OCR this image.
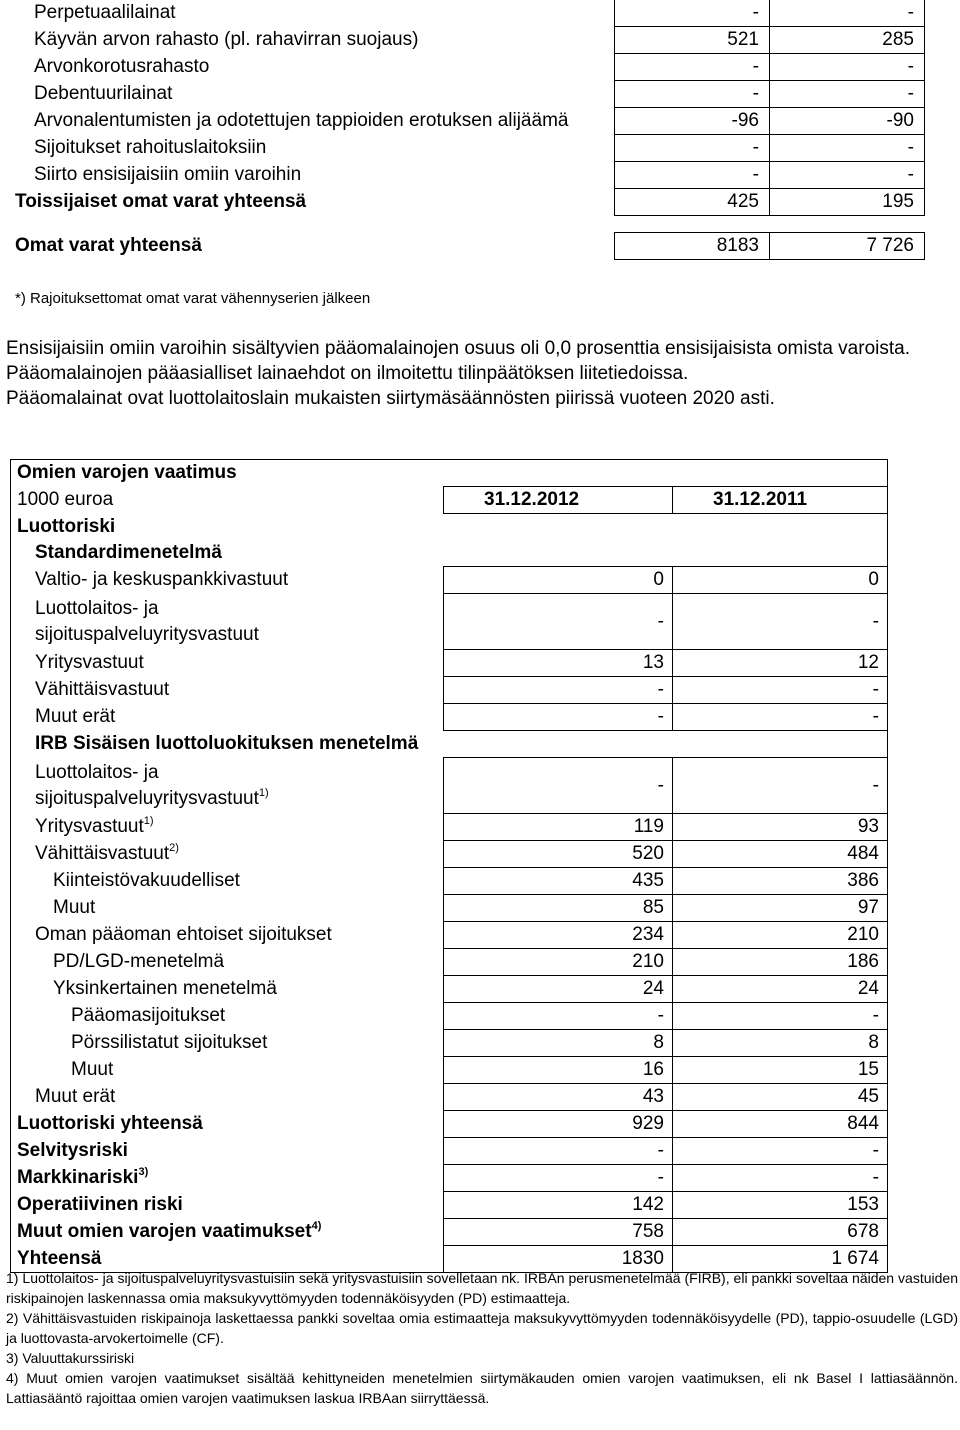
Perpetuaalilainat	-	-
Käyvän arvon rahasto (pl. rahavirran suojaus)	521	285
Arvonkorotusrahasto	-	-
Debentuurilainat	-	-
Arvonalentumisten ja odotettujen tappioiden erotuksen alijäämä	-96	-90
Sijoitukset rahoituslaitoksiin	-	-
Siirto ensisijaisiin omiin varoihin	-	-
Toissijaiset omat varat yhteensä	425	195

Omat varat yhteensä	8183	7 726
*) Rajoituksettomat omat varat vähennyserien jälkeen

Ensisijaisiin omiin varoihin sisältyvien pääomalainojen osuus oli 0,0 prosenttia ensisijaisista omista varoista. Pääomalainojen pääasialliset lainaehdot on ilmoitettu tilinpäätöksen liitetiedoissa.

Pääomalainat ovat luottolaitoslain mukaisten siirtymäsäännösten piirissä vuoteen 2020 asti.

Omien varojen vaatimus		
1000 euroa	31.12.2012	31.12.2011
Luottoriski		
Standardimenetelmä		
Valtio- ja keskuspankkivastuut	0	0
Luottolaitos- ja
sijoituspalveluyritysvastuut	-	-
Yritysvastuut	13	12
Vähittäisvastuut	-	-
Muut erät	-	-
IRB Sisäisen luottoluokituksen menetelmä		
Luottolaitos- ja
sijoituspalveluyritysvastuut$^{1)}$	-	-
Yritysvastuut$^{1)}$	119	93
Vähittäisvastuut$^{2)}$	520	484
Kiinteistövakuudelliset	435	386
Muut	85	97
Oman pääoman ehtoiset sijoitukset	234	210
PD/LGD-menetelmä	210	186
Yksinkertainen menetelmä	24	24
Pääomasijoitukset	-	-
Pörssilistatut sijoitukset	8	8
Muut	16	15
Muut erät	43	45
Luottoriski yhteensä	929	844
Selvitysriski	-	-
Markkinariski$^{3)}$	-	-
Operatiivinen riski	142	153
Muut omien varojen vaatimukset$^{4)}$	758	678
Yhteensä	1830	1 674

1) Luottolaitos- ja sijoituspalveluyritysvastuisiin sekä yritysvastuisiin sovelletaan nk. IRBAn perusmenetelmää (FIRB), eli pankki soveltaa näiden vastuiden riskipainojen laskennassa omia maksukyvyttömyyden todennäköisyyden (PD) estimaatteja.

2) Vähittäisvastuiden riskipainoja laskettaessa pankki soveltaa omia estimaatteja maksukyvyttömyyden todennäköisyydelle (PD), tappio-osuudelle (LGD) ja luottovasta-arvokertoimelle (CF).

3) Valuuttakurssiriski

4) Muut omien varojen vaatimukset sisältää kehittyneiden menetelmien siirtymäkauden omien varojen vaatimuksen, eli nk Basel I lattiasäännön. Lattiasääntö rajoittaa omien varojen vaatimuksen laskua IRBAan siirryttäessä.
